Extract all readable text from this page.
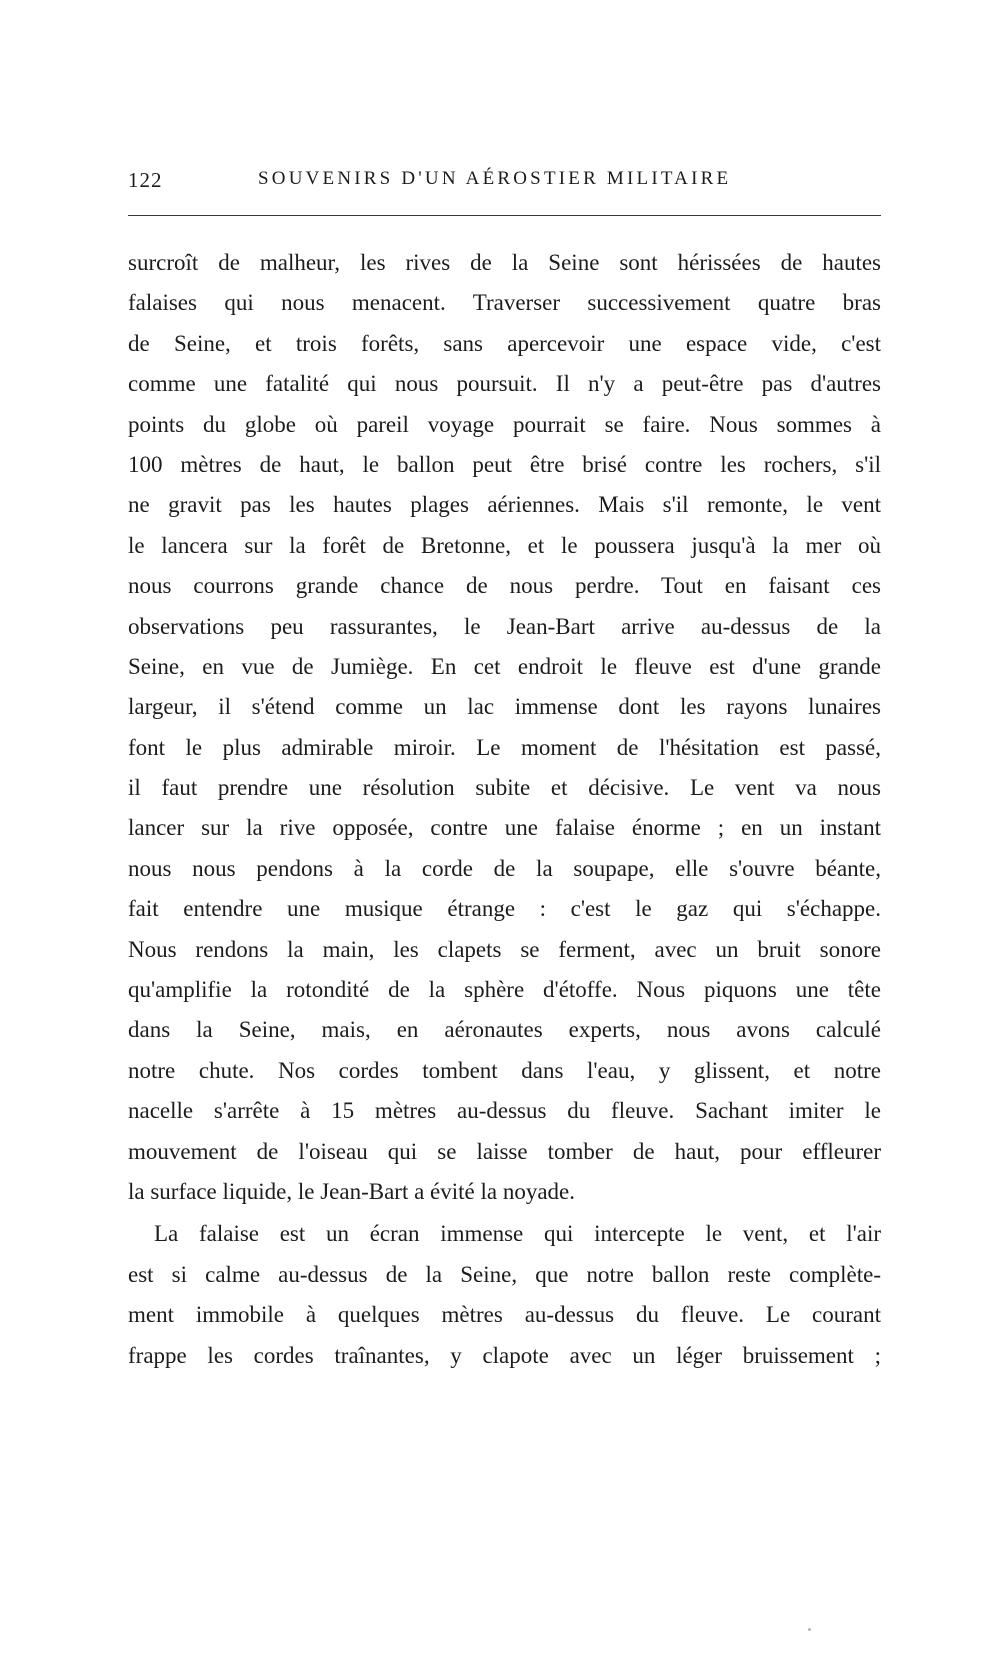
122	SOUVENIRS D'UN AÉROSTIER MILITAIRE
surcroît de malheur, les rives de la Seine sont hérissées de hautes
falaises qui nous menacent. Traverser successivement quatre bras
de Seine, et trois forêts, sans apercevoir une espace vide, c'est
comme une fatalité qui nous poursuit. Il n'y a peut-être pas d'autres
points du globe où pareil voyage pourrait se faire. Nous sommes à
100 mètres de haut, le ballon peut être brisé contre les rochers, s'il
ne gravit pas les hautes plages aériennes. Mais s'il remonte, le vent
le lancera sur la forêt de Bretonne, et le poussera jusqu'à la mer où
nous courrons grande chance de nous perdre. Tout en faisant ces
observations peu rassurantes, le Jean-Bart arrive au-dessus de la
Seine, en vue de Jumiège. En cet endroit le fleuve est d'une grande
largeur, il s'étend comme un lac immense dont les rayons lunaires
font le plus admirable miroir. Le moment de l'hésitation est passé,
il faut prendre une résolution subite et décisive. Le vent va nous
lancer sur la rive opposée, contre une falaise énorme ; en un instant
nous nous pendons à la corde de la soupape, elle s'ouvre béante,
fait entendre une musique étrange : c'est le gaz qui s'échappe.
Nous rendons la main, les clapets se ferment, avec un bruit sonore
qu'amplifie la rotondité de la sphère d'étoffe. Nous piquons une tête
dans la Seine, mais, en aéronautes experts, nous avons calculé
notre chute. Nos cordes tombent dans l'eau, y glissent, et notre
nacelle s'arrête à 15 mètres au-dessus du fleuve. Sachant imiter le
mouvement de l'oiseau qui se laisse tomber de haut, pour effleurer
la surface liquide, le Jean-Bart a évité la noyade.
La falaise est un écran immense qui intercepte le vent, et l'air
est si calme au-dessus de la Seine, que notre ballon reste complète-
ment immobile à quelques mètres au-dessus du fleuve. Le courant
frappe les cordes traînantes, y clapote avec un léger bruissement ;
